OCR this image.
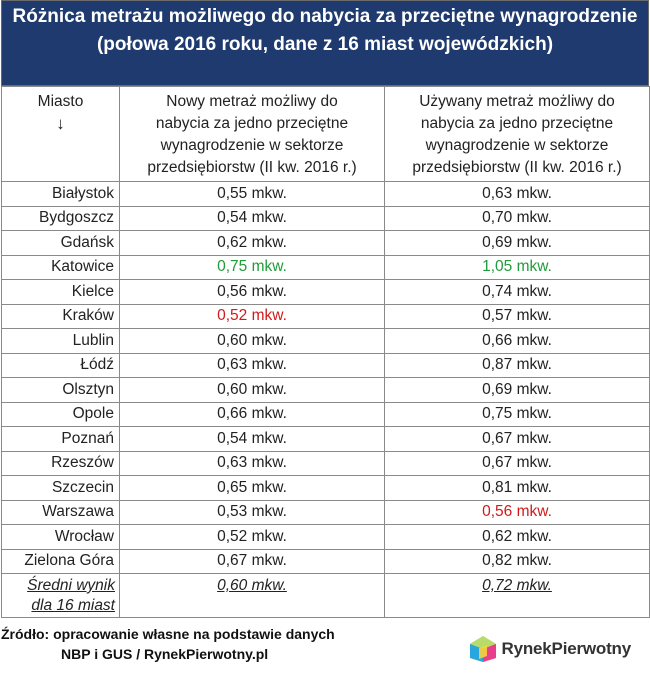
Różnica metrażu możliwego do nabycia za przeciętne wynagrodzenie (połowa 2016 roku, dane z 16 miast wojewódzkich)
Miasto
↓	Nowy metraż możliwy do nabycia za jedno przeciętne wynagrodzenie w sektorze przedsiębiorstw (II kw. 2016 r.)	Używany metraż możliwy do nabycia za jedno przeciętne wynagrodzenie w sektorze przedsiębiorstw (II kw. 2016 r.)
Białystok	0,55 mkw.	0,63 mkw.
Bydgoszcz	0,54 mkw.	0,70 mkw.
Gdańsk	0,62 mkw.	0,69 mkw.
Katowice	0,75 mkw.	1,05 mkw.
Kielce	0,56 mkw.	0,74 mkw.
Kraków	0,52 mkw.	0,57 mkw.
Lublin	0,60 mkw.	0,66 mkw.
Łódź	0,63 mkw.	0,87 mkw.
Olsztyn	0,60 mkw.	0,69 mkw.
Opole	0,66 mkw.	0,75 mkw.
Poznań	0,54 mkw.	0,67 mkw.
Rzeszów	0,63 mkw.	0,67 mkw.
Szczecin	0,65 mkw.	0,81 mkw.
Warszawa	0,53 mkw.	0,56 mkw.
Wrocław	0,52 mkw.	0,62 mkw.
Zielona Góra	0,67 mkw.	0,82 mkw.

Średni wynik
dla 16 miast	0,60 mkw.	0,72 mkw.
Źródło: opracowanie własne na podstawie danych
NBP i GUS / RynekPierwotny.pl	RynekPierwotny
